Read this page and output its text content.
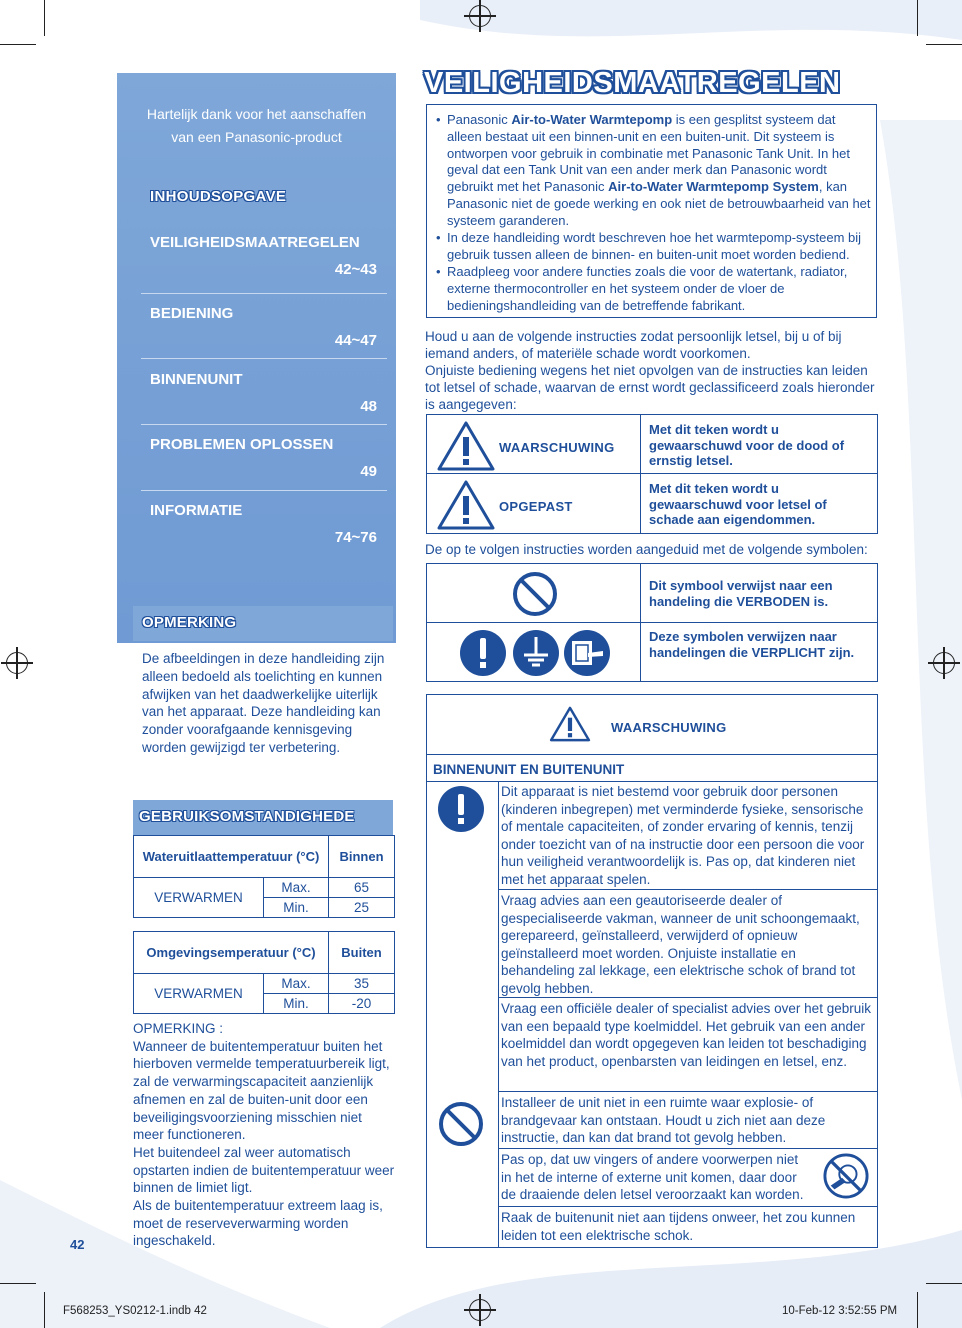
Hartelijk dank voor het aanschaffen
van een Panasonic-product
INHOUDSOPGAVE
VEILIGHEIDSMAATREGELEN
42~43
BEDIENING
44~47
BINNENUNIT
48
PROBLEMEN OPLOSSEN
49
INFORMATIE
74~76
OPMERKING
De afbeeldingen in deze handleiding zijn alleen bedoeld als toelichting en kunnen afwijken van het daadwerkelijke uiterlijk van het apparaat. Deze handleiding kan zonder voorafgaande kennisgeving worden gewijzigd ter verbetering.
GEBRUIKSOMSTANDIGHEDE
Wateruitlaattemperatuur (°C)		Binnen
VERWARMEN	Max.	65
	Min.	25
Omgevingsemperatuur (°C)		Buiten
VERWARMEN	Max.	35
	Min.	-20
OPMERKING :
Wanneer de buitentemperatuur buiten het hierboven vermelde temperatuurbereik ligt, zal de verwarmingscapaciteit aanzienlijk afnemen en zal de buiten-unit door een beveiligingsvoorziening misschien niet meer functioneren.
Het buitendeel zal weer automatisch opstarten indien de buitentemperatuur weer binnen de limiet ligt.
Als de buitentemperatuur extreem laag is, moet de reserveverwarming worden ingeschakeld.
42
VEILIGHEIDSMAATREGELEN
• Panasonic Air-to-Water Warmtepomp is een gesplitst systeem dat alleen bestaat uit een binnen-unit en een buiten-unit. Dit systeem is ontworpen voor gebruik in combinatie met Panasonic Tank Unit. In het geval dat een Tank Unit van een ander merk dan Panasonic wordt gebruikt met het Panasonic Air-to-Water Warmtepomp System, kan Panasonic niet de goede werking en ook niet de betrouwbaarheid van het systeem garanderen.
• In deze handleiding wordt beschreven hoe het warmtepomp-systeem bij gebruik tussen alleen de binnen- en buiten-unit moet worden bediend.
• Raadpleeg voor andere functies zoals die voor de watertank, radiator, externe thermocontroller en het systeem onder de vloer de bedieningshandleiding van de betreffende fabrikant.
Houd u aan de volgende instructies zodat persoonlijk letsel, bij u of bij iemand anders, of materiële schade wordt voorkomen.
Onjuiste bediening wegens het niet opvolgen van de instructies kan leiden tot letsel of schade, waarvan de ernst wordt geclassificeerd zoals hieronder is aangegeven:
WAARSCHUWING
Met dit teken wordt u gewaarschuwd voor de dood of ernstig letsel.
OPGEPAST
Met dit teken wordt u gewaarschuwd voor letsel of schade aan eigendommen.
De op te volgen instructies worden aangeduid met de volgende symbolen:
Dit symbool verwijst naar een handeling die VERBODEN is.
Deze symbolen verwijzen naar handelingen die VERPLICHT zijn.
WAARSCHUWING
BINNENUNIT EN BUITENUNIT
Dit apparaat is niet bestemd voor gebruik door personen (kinderen inbegrepen) met verminderde fysieke, sensorische of mentale capaciteiten, of zonder ervaring of kennis, tenzij onder toezicht van of na instructie door een persoon die voor hun veiligheid verantwoordelijk is. Pas op, dat kinderen niet met het apparaat spelen.
Vraag advies aan een geautoriseerde dealer of gespecialiseerde vakman, wanneer de unit schoongemaakt, gerepareerd, geïnstalleerd, verwijderd of opnieuw geïnstalleerd moet worden. Onjuiste installatie en behandeling zal lekkage, een elektrische schok of brand tot gevolg hebben.
Vraag een officiële dealer of specialist advies over het gebruik van een bepaald type koelmiddel. Het gebruik van een ander koelmiddel dan wordt opgegeven kan leiden tot beschadiging van het product, openbarsten van leidingen en letsel, enz.
Installeer de unit niet in een ruimte waar explosie- of brandgevaar kan ontstaan. Houdt u zich niet aan deze instructie, dan kan dat brand tot gevolg hebben.
Pas op, dat uw vingers of andere voorwerpen niet in het de interne of externe unit komen, daar door de draaiende delen letsel veroorzaakt kan worden.
Raak de buitenunit niet aan tijdens onweer, het zou kunnen leiden tot een elektrische schok.
F568253_YS0212-1.indb 42	10-Feb-12 3:52:55 PM
